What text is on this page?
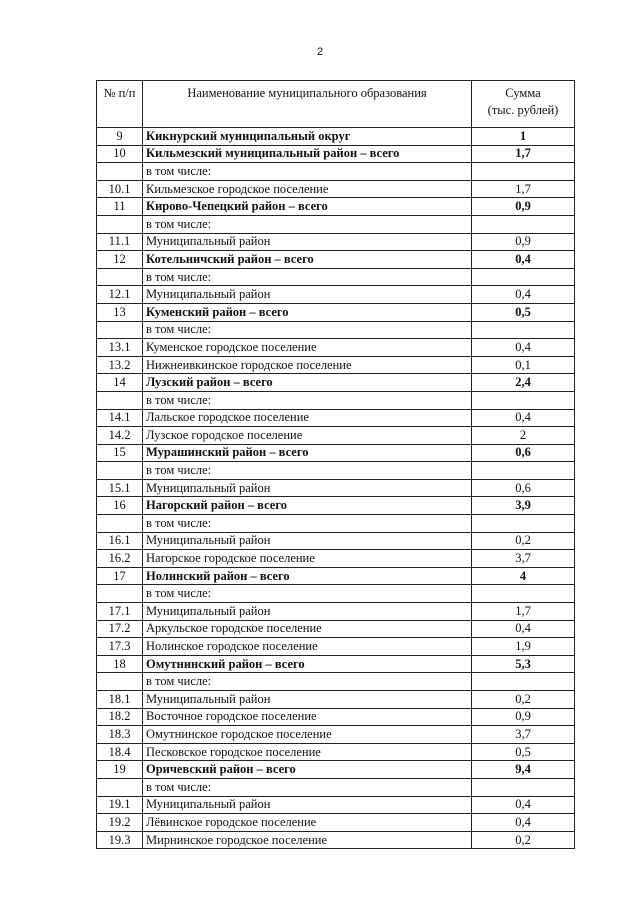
2
№ п/п	Наименование муниципального образования	Сумма
(тыс. рублей)
9	Кикнурский муниципальный округ	1
10	Кильмезский муниципальный район – всего	1,7
	в том числе:	
10.1	Кильмезское городское поселение	1,7
11	Кирово-Чепецкий район – всего	0,9
	в том числе:	
11.1	Муниципальный район	0,9
12	Котельничский район – всего	0,4
	в том числе:	
12.1	Муниципальный район	0,4
13	Куменский район – всего	0,5
	в том числе:	
13.1	Куменское городское поселение	0,4
13.2	Нижнеивкинское городское поселение	0,1
14	Лузский район – всего	2,4
	в том числе:	
14.1	Лальское городское поселение	0,4
14.2	Лузское городское поселение	2
15	Мурашинский район – всего	0,6
	в том числе:	
15.1	Муниципальный район	0,6
16	Нагорский район – всего	3,9
	в том числе:	
16.1	Муниципальный район	0,2
16.2	Нагорское городское поселение	3,7
17	Нолинский район – всего	4
	в том числе:	
17.1	Муниципальный район	1,7
17.2	Аркульское городское поселение	0,4
17.3	Нолинское городское поселение	1,9
18	Омутнинский район – всего	5,3
	в том числе:	
18.1	Муниципальный район	0,2
18.2	Восточное городское поселение	0,9
18.3	Омутнинское городское поселение	3,7
18.4	Песковское городское поселение	0,5
19	Оричевский район – всего	9,4
	в том числе:	
19.1	Муниципальный район	0,4
19.2	Лёвинское городское поселение	0,4
19.3	Мирнинское городское поселение	0,2
